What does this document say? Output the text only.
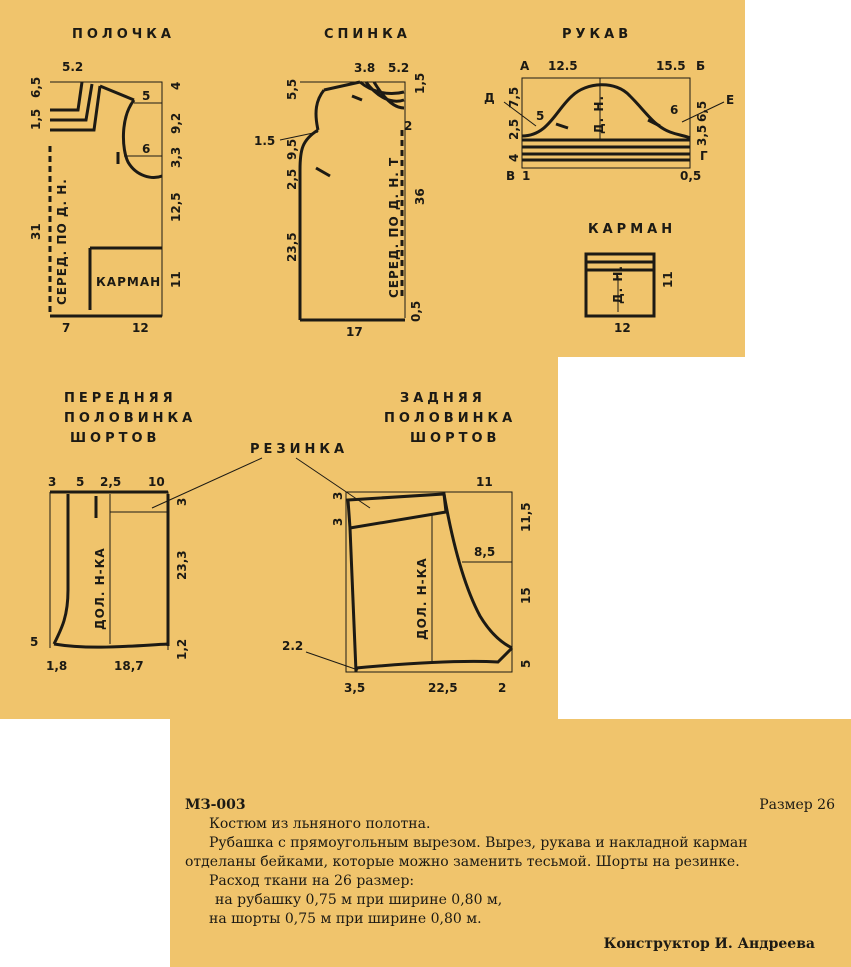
ПОЛОЧКА
КАРМАН
5.2
6,5
1,5
31 СЕРЕД. ПО Д. Н.
5
6
4
9,2
3,3
12,5
11
7	12
СПИНКА
3.8 5.2
1,5
2
5,5
9,5
2,5
23,5
1.5
СЕРЕД. ПО Д. Н. Т 36
0,5
17
РУКАВ
Д. Н.
А	Б
В
Г
Д	Е
12.5	15.5
7,5
2,5
4
5	6 6,5
3,5
1	0,5
КАРМАН
Д. Н.	11
12
ПЕРЕДНЯЯ
ПОЛОВИНКА
ШОРТОВ
ДОЛ. Н-КА
3 5 2,5 10
3
23,3
1,2
5
1,8	18,7
РЕЗИНКА
ЗАДНЯЯ
ПОЛОВИНКА
ШОРТОВ
ДОЛ. Н-КА
11
3
3	11,5
8,5
15
5
2.2
3,5	22,5	2
МЗ-003	Размер 26
Костюм из льняного полотна.
Рубашка с прямоугольным вырезом. Вырез, рукава и накладной карман
отделаны бейками, которые можно заменить тесьмой. Шорты на резинке.
Расход ткани на 26 размер:
на рубашку 0,75 м при ширине 0,80 м,
на шорты 0,75 м при ширине 0,80 м.
Конструктор И. Андреева
